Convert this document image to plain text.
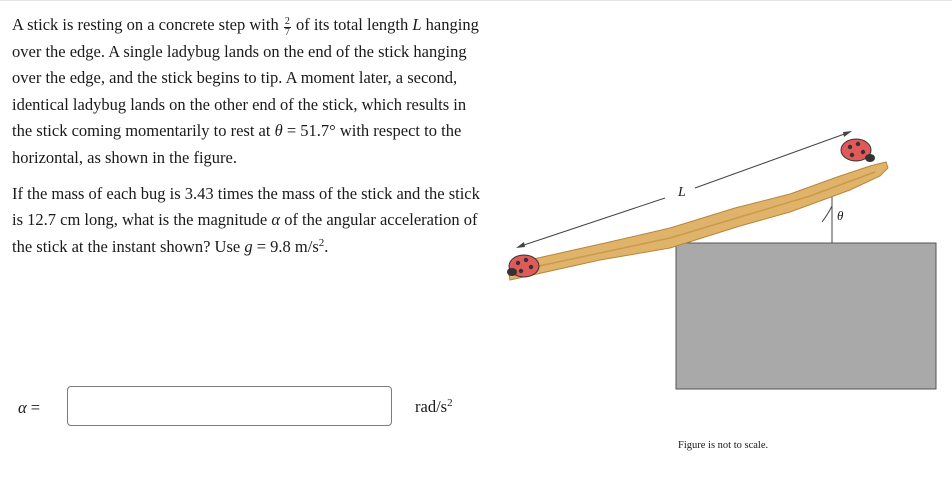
A stick is resting on a concrete step with $\frac{2}{7}$ of its total length L hanging over the edge. A single ladybug lands on the end of the stick hanging over the edge, and the stick begins to tip. A moment later, a second, identical ladybug lands on the other end of the stick, which results in the stick coming momentarily to rest at θ = 51.7° with respect to the horizontal, as shown in the figure.

If the mass of each bug is 3.43 times the mass of the stick and the stick is 12.7 cm long, what is the magnitude α of the angular acceleration of the stick at the instant shown? Use g = 9.8 $m/s^2$.

α =	rad/$s^2$
θ
L
Figure is not to scale.
